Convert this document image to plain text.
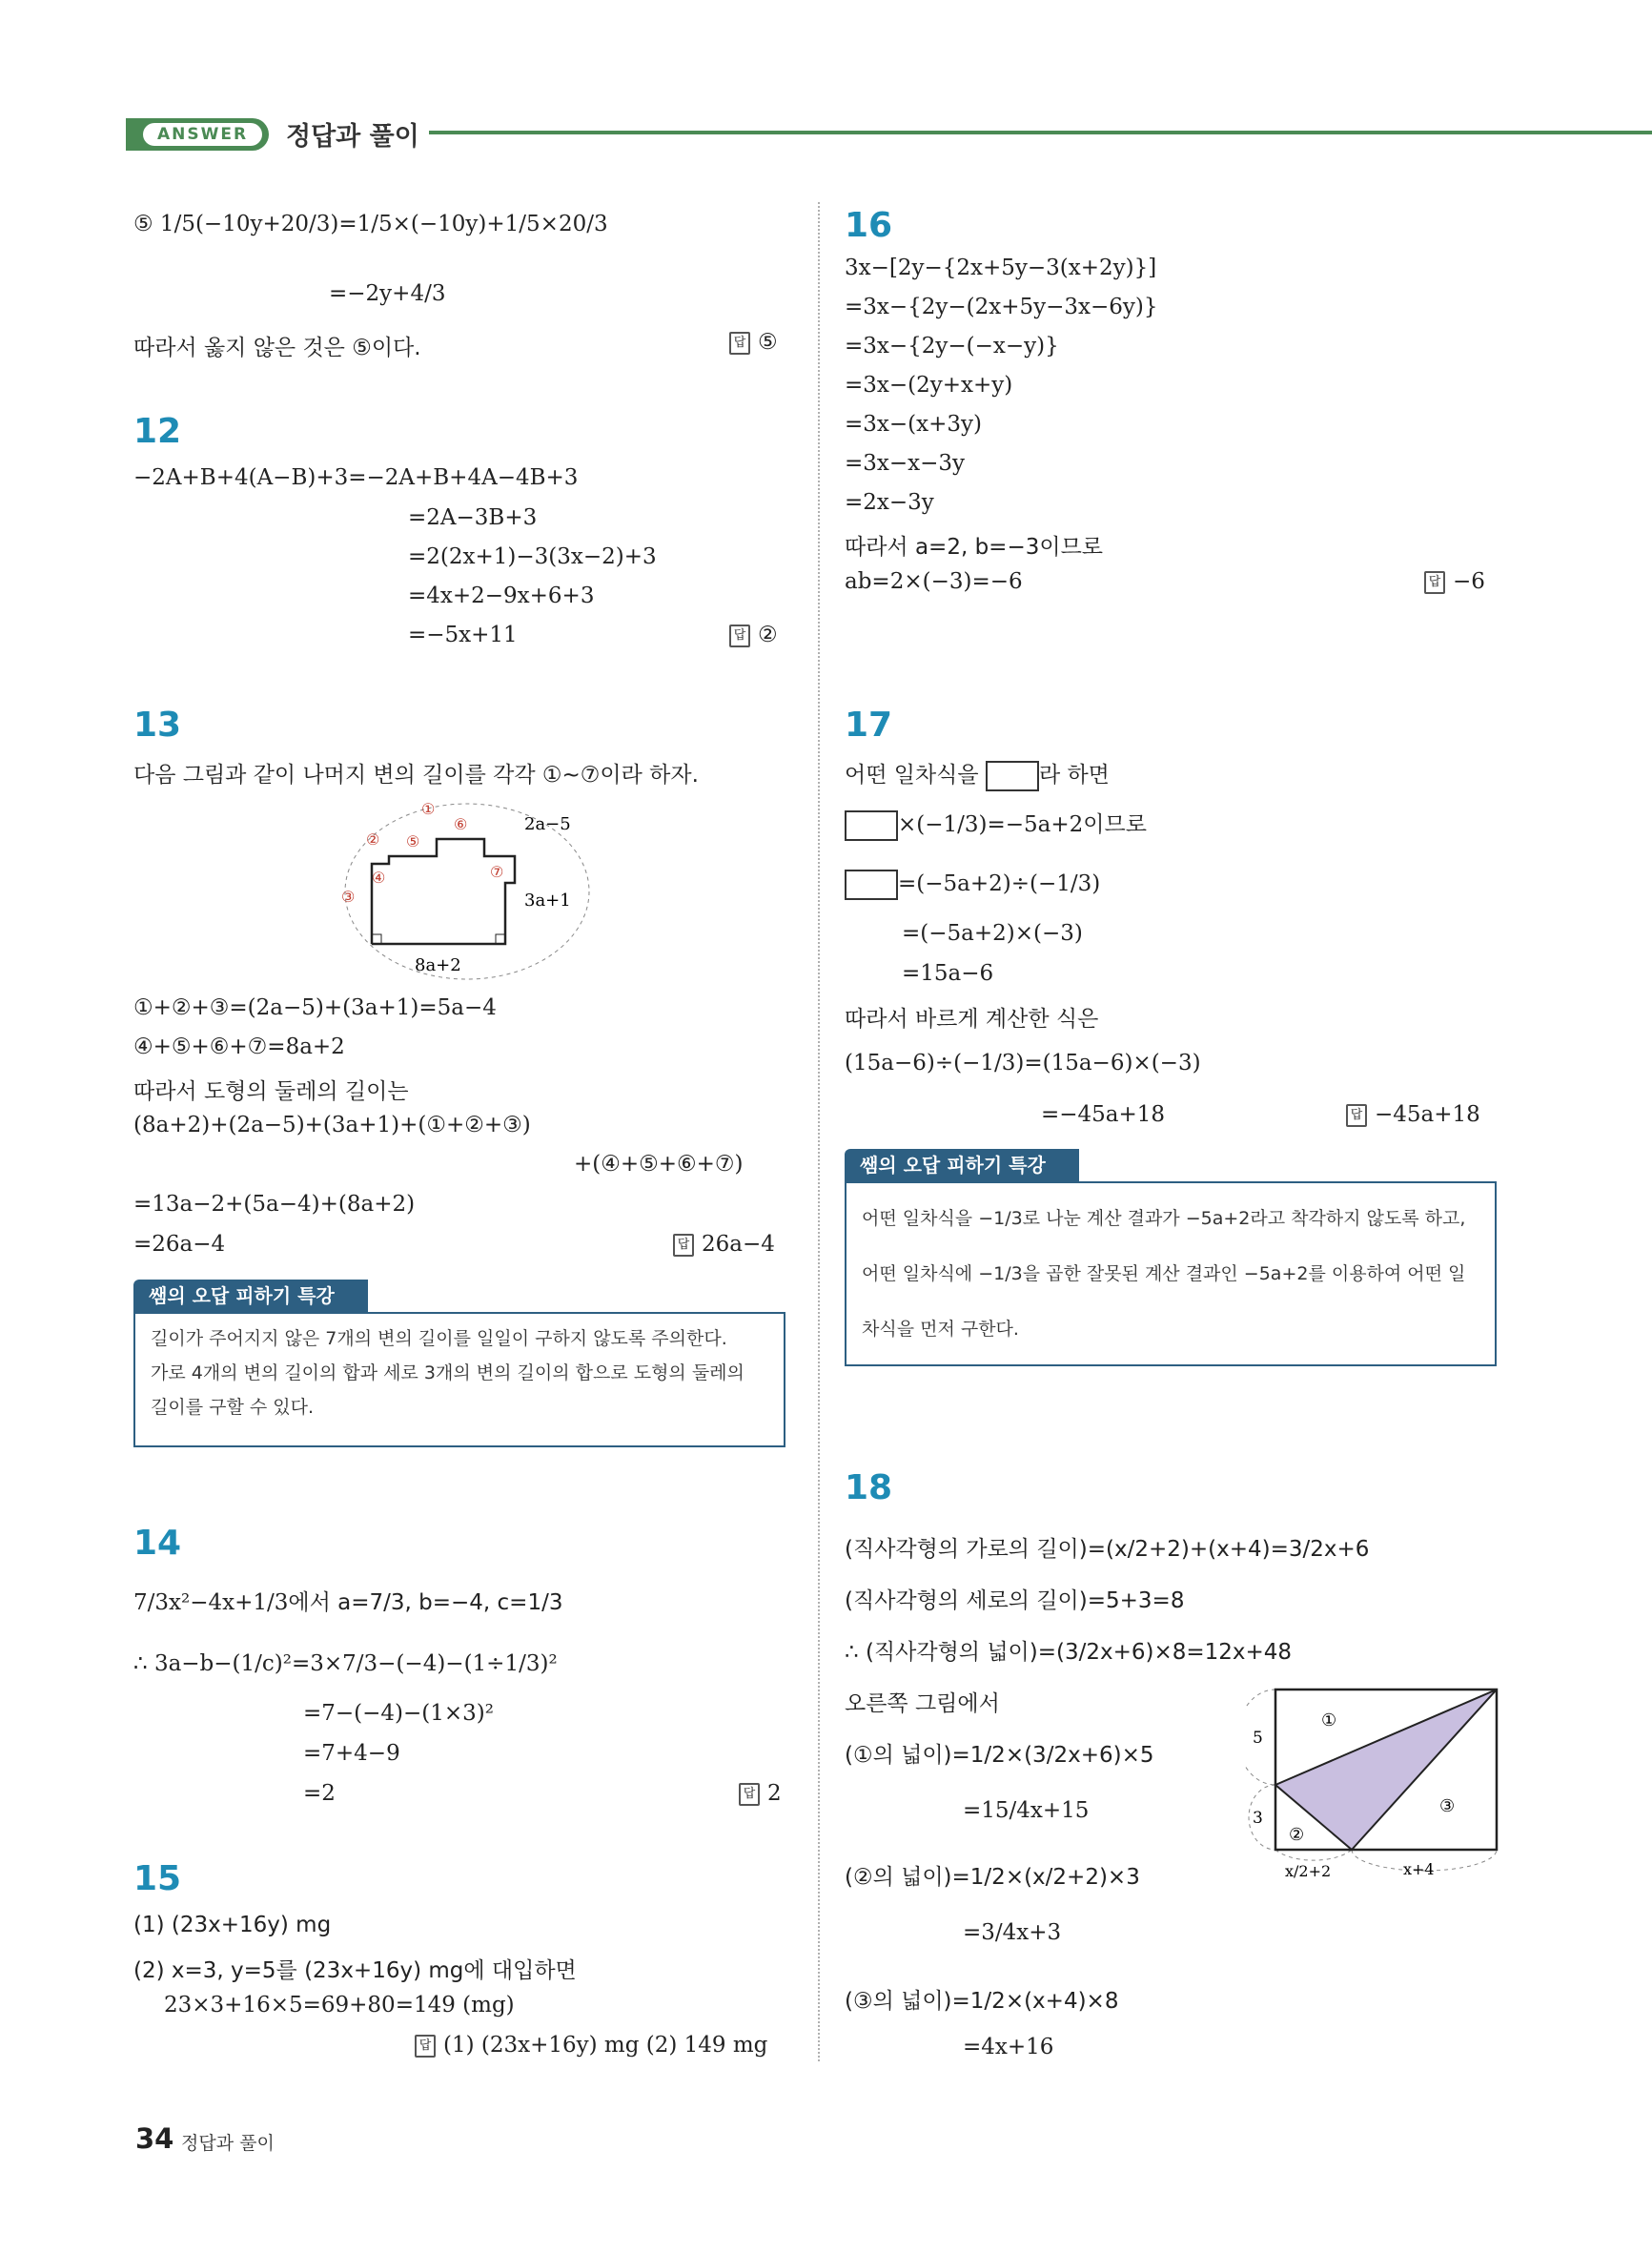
ANSWER	정답과 풀이
⑤ 1/5(−10y+20/3)=1/5×(−10y)+1/5×20/3
=−2y+4/3
따라서 옳지 않은 것은 ⑤이다.	답 ⑤
12
−2A+B+4(A−B)+3=−2A+B+4A−4B+3
=2A−3B+3
=2(2x+1)−3(3x−2)+3
=4x+2−9x+6+3
=−5x+11	답 ②
13
다음 그림과 같이 나머지 변의 길이를 각각 ①~⑦이라 하자.
2a−5
3a+1
8a+2
①
②
③
④
⑤
⑥
⑦
①+②+③=(2a−5)+(3a+1)=5a−4
④+⑤+⑥+⑦=8a+2
따라서 도형의 둘레의 길이는
(8a+2)+(2a−5)+(3a+1)+(①+②+③)
+(④+⑤+⑥+⑦)
=13a−2+(5a−4)+(8a+2)
=26a−4	답 26a−4
쌤의 오답 피하기 특강
길이가 주어지지 않은 7개의 변의 길이를 일일이 구하지 않도록 주의한다.
가로 4개의 변의 길이의 합과 세로 3개의 변의 길이의 합으로 도형의 둘레의
길이를 구할 수 있다.
14
7/3x²−4x+1/3에서 a=7/3, b=−4, c=1/3
∴ 3a−b−(1/c)²=3×7/3−(−4)−(1÷1/3)²
=7−(−4)−(1×3)²
=7+4−9
=2	답 2
15
(1) (23x+16y) mg
(2) x=3, y=5를 (23x+16y) mg에 대입하면
23×3+16×5=69+80=149 (mg)
답 (1) (23x+16y) mg (2) 149 mg
16
3x−[2y−{2x+5y−3(x+2y)}]
=3x−{2y−(2x+5y−3x−6y)}
=3x−{2y−(−x−y)}
=3x−(2y+x+y)
=3x−(x+3y)
=3x−x−3y
=2x−3y
따라서 a=2, b=−3이므로
ab=2×(−3)=−6	답 −6
17
어떤 일차식을	라 하면
×(−1/3)=−5a+2이므로
=(−5a+2)÷(−1/3)
=(−5a+2)×(−3)
=15a−6
따라서 바르게 계산한 식은
(15a−6)÷(−1/3)=(15a−6)×(−3)
=−45a+18	답 −45a+18
쌤의 오답 피하기 특강
어떤 일차식을 −1/3로 나눈 계산 결과가 −5a+2라고 착각하지 않도록 하고,
어떤 일차식에 −1/3을 곱한 잘못된 계산 결과인 −5a+2를 이용하여 어떤 일
차식을 먼저 구한다.
18
(직사각형의 가로의 길이)=(x/2+2)+(x+4)=3/2x+6
(직사각형의 세로의 길이)=5+3=8
∴ (직사각형의 넓이)=(3/2x+6)×8=12x+48
오른쪽 그림에서
(①의 넓이)=1/2×(3/2x+6)×5
=15/4x+15
(②의 넓이)=1/2×(x/2+2)×3
=3/4x+3
(③의 넓이)=1/2×(x+4)×8
=4x+16
5
3
x/2+2	x+4
①
②
③
34 정답과 풀이
